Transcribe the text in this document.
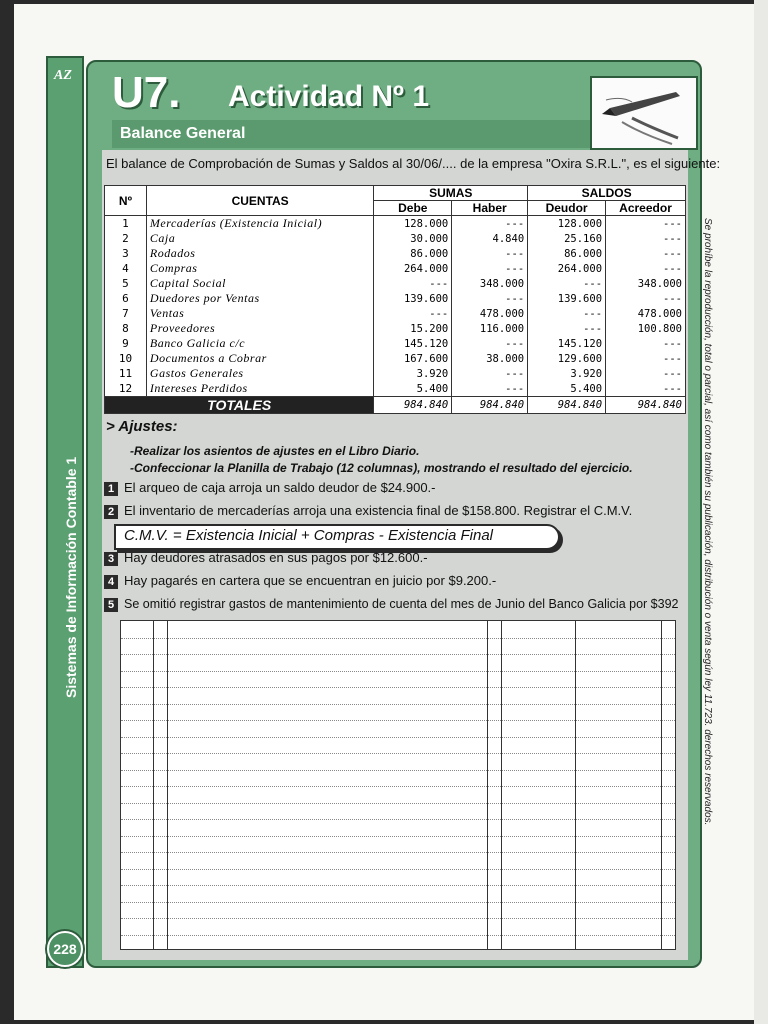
AZ
Sistemas de Información Contable 1
228
U7. Actividad Nº 1
Balance General
El balance de Comprobación de Sumas y Saldos al 30/06/.... de la empresa "Oxira S.R.L.", es el siguiente:
Nº	CUENTAS	SUMAS		SALDOS	
		Debe	Haber	Deudor	Acreedor
1	Mercaderías (Existencia Inicial)	128.000	---	128.000	---
2	Caja	30.000	4.840	25.160	---
3	Rodados	86.000	---	86.000	---
4	Compras	264.000	---	264.000	---
5	Capital Social	---	348.000	---	348.000
6	Duedores por Ventas	139.600	---	139.600	---
7	Ventas	---	478.000	---	478.000
8	Proveedores	15.200	116.000	---	100.800
9	Banco Galicia c/c	145.120	---	145.120	---
10	Documentos a Cobrar	167.600	38.000	129.600	---
11	Gastos Generales	3.920	---	3.920	---
12	Intereses Perdidos	5.400	---	5.400	---
TOTALES		984.840	984.840	984.840	984.840
> Ajustes:
-Realizar los asientos de ajustes en el Libro Diario.
-Confeccionar la Planilla de Trabajo (12 columnas), mostrando el resultado del ejercicio.
1 El arqueo de caja arroja un saldo deudor de $24.900.-
2 El inventario de mercaderías arroja una existencia final de $158.800. Registrar el C.M.V.
C.M.V. = Existencia Inicial + Compras - Existencia Final
3 Hay deudores atrasados en sus pagos por $12.600.-
4 Hay pagarés en cartera que se encuentran en juicio por $9.200.-
5 Se omitió registrar gastos de mantenimiento de cuenta del mes de Junio del Banco Galicia por $392 Se prohíbe la reproducción, total o parcial, así como también su publicación, distribución o venta según ley 11.723. derechos reservados.
